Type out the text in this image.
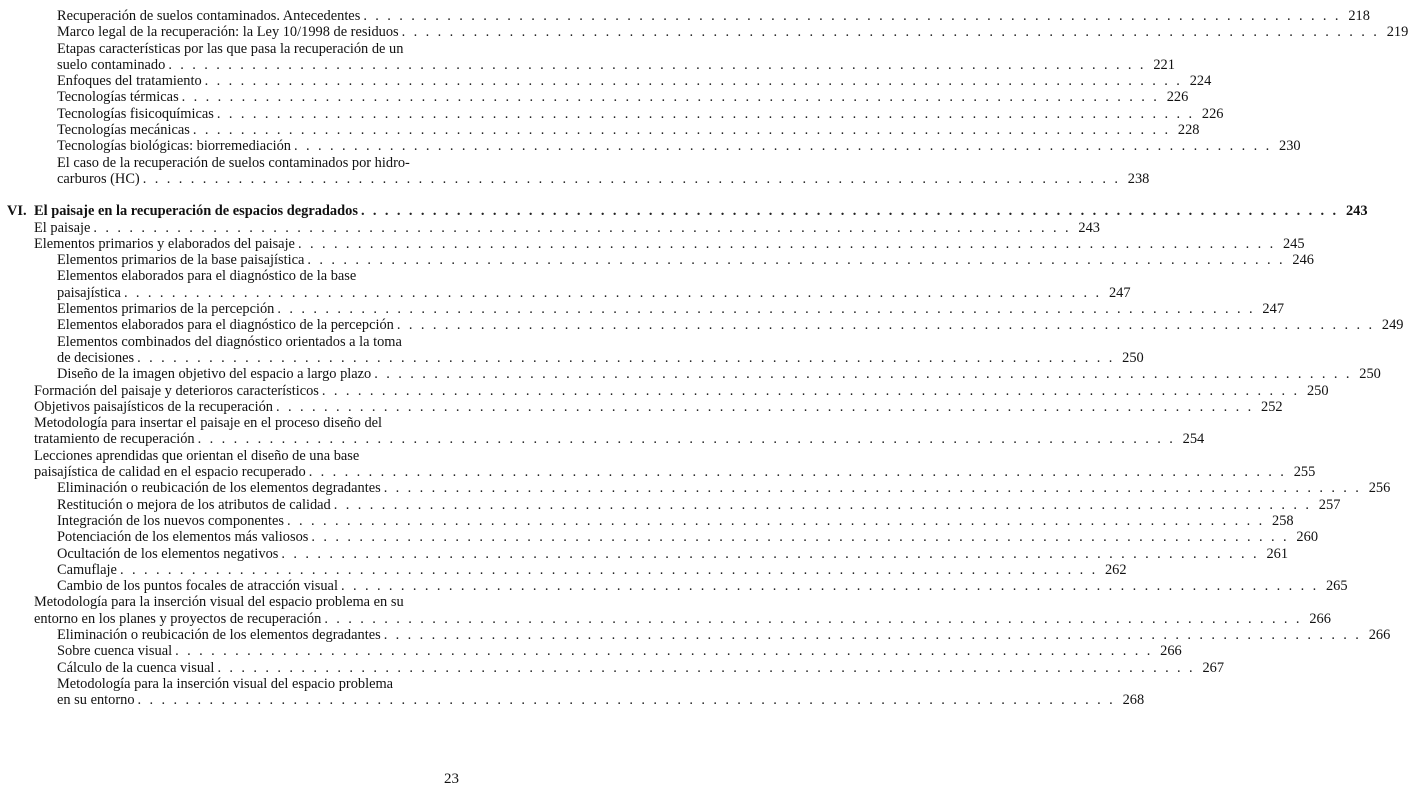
Recuperación de suelos contaminados. Antecedentes . . .	218
Marco legal de la recuperación: la Ley 10/1998 de residuos . . .	219
Etapas características por las que pasa la recuperación de un
suelo contaminado . . .	221
Enfoques del tratamiento . . .	224
Tecnologías térmicas . . .	226
Tecnologías fisicoquímicas . . .	226
Tecnologías mecánicas . . .	228
Tecnologías biológicas: biorremediación . . .	230
El caso de la recuperación de suelos contaminados por hidro-
carburos (HC) . . .	238
VI. El paisaje en la recuperación de espacios degradados . . .	243
El paisaje . . .	243
Elementos primarios y elaborados del paisaje . . .	245
Elementos primarios de la base paisajística . . .	246
Elementos elaborados para el diagnóstico de la base
paisajística . . .	247
Elementos primarios de la percepción . . .	247
Elementos elaborados para el diagnóstico de la percepción . . .	249
Elementos combinados del diagnóstico orientados a la toma
de decisiones . . .	250
Diseño de la imagen objetivo del espacio a largo plazo . . .	250
Formación del paisaje y deterioros característicos . . .	250
Objetivos paisajísticos de la recuperación . . .	252
Metodología para insertar el paisaje en el proceso diseño del
tratamiento de recuperación . . .	254
Lecciones aprendidas que orientan el diseño de una base
paisajística de calidad en el espacio recuperado . . .	255
Eliminación o reubicación de los elementos degradantes . . .	256
Restitución o mejora de los atributos de calidad . . .	257
Integración de los nuevos componentes . . .	258
Potenciación de los elementos más valiosos . . .	260
Ocultación de los elementos negativos . . .	261
Camuflaje . . .	262
Cambio de los puntos focales de atracción visual . . .	265
Metodología para la inserción visual del espacio problema en su
entorno en los planes y proyectos de recuperación . . .	266
Eliminación o reubicación de los elementos degradantes . . .	266
Sobre cuenca visual . . .	266
Cálculo de la cuenca visual . . .	267
Metodología para la inserción visual del espacio problema
en su entorno . . .	268
23
